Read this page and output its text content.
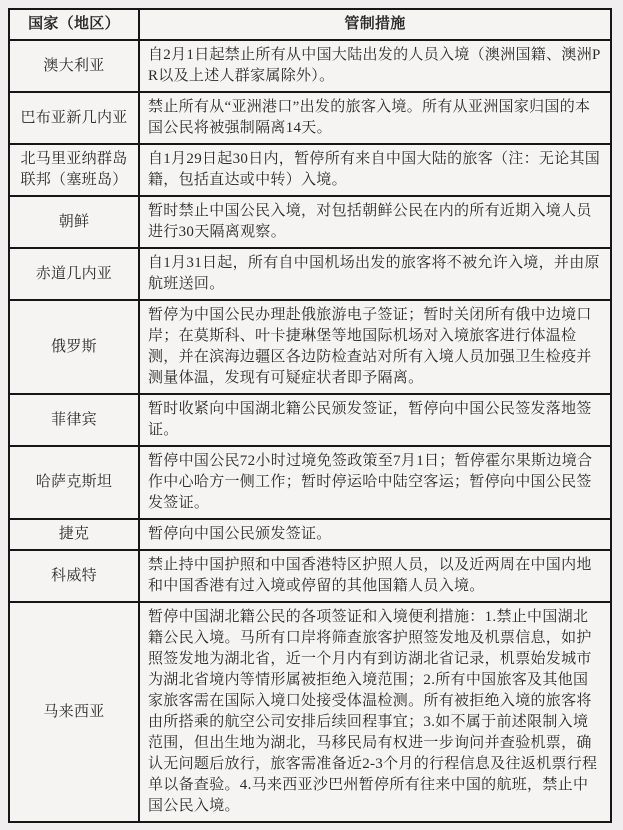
国家（地区）	管制措施
澳大利亚	自2月1日起禁止所有从中国大陆出发的人员入境（澳洲国籍、澳洲PR以及上述人群家属除外）。
巴布亚新几内亚	禁止所有从“亚洲港口”出发的旅客入境。所有从亚洲国家归国的本国公民将被强制隔离14天。
北马里亚纳群岛联邦（塞班岛）	自1月29日起30日内，暂停所有来自中国大陆的旅客（注：无论其国籍，包括直达或中转）入境。
朝鲜	暂时禁止中国公民入境，对包括朝鲜公民在内的所有近期入境人员进行30天隔离观察。
赤道几内亚	自1月31日起，所有自中国机场出发的旅客将不被允许入境，并由原航班送回。
俄罗斯	暂停为中国公民办理赴俄旅游电子签证；暂时关闭所有俄中边境口岸；在莫斯科、叶卡捷琳堡等地国际机场对入境旅客进行体温检测，并在滨海边疆区各边防检查站对所有入境人员加强卫生检疫并测量体温，发现有可疑症状者即予隔离。
菲律宾	暂时收紧向中国湖北籍公民颁发签证，暂停向中国公民签发落地签证。
哈萨克斯坦	暂停中国公民72小时过境免签政策至7月1日；暂停霍尔果斯边境合作中心哈方一侧工作；暂时停运哈中陆空客运；暂停向中国公民签发签证。
捷克	暂停向中国公民颁发签证。
科威特	禁止持中国护照和中国香港特区护照人员，以及近两周在中国内地和中国香港有过入境或停留的其他国籍人员入境。
马来西亚	暂停中国湖北籍公民的各项签证和入境便利措施：1.禁止中国湖北籍公民入境。马所有口岸将筛查旅客护照签发地及机票信息，如护照签发地为湖北省，近一个月内有到访湖北省记录，机票始发城市为湖北省境内等情形属被拒绝入境范围；2.所有中国旅客及其他国家旅客需在国际入境口处接受体温检测。所有被拒绝入境的旅客将由所搭乘的航空公司安排后续回程事宜；3.如不属于前述限制入境范围，但出生地为湖北，马移民局有权进一步询问并查验机票，确认无问题后放行，旅客需准备近2-3个月的行程信息及往返机票行程单以备查验。4.马来西亚沙巴州暂停所有往来中国的航班，禁止中国公民入境。
